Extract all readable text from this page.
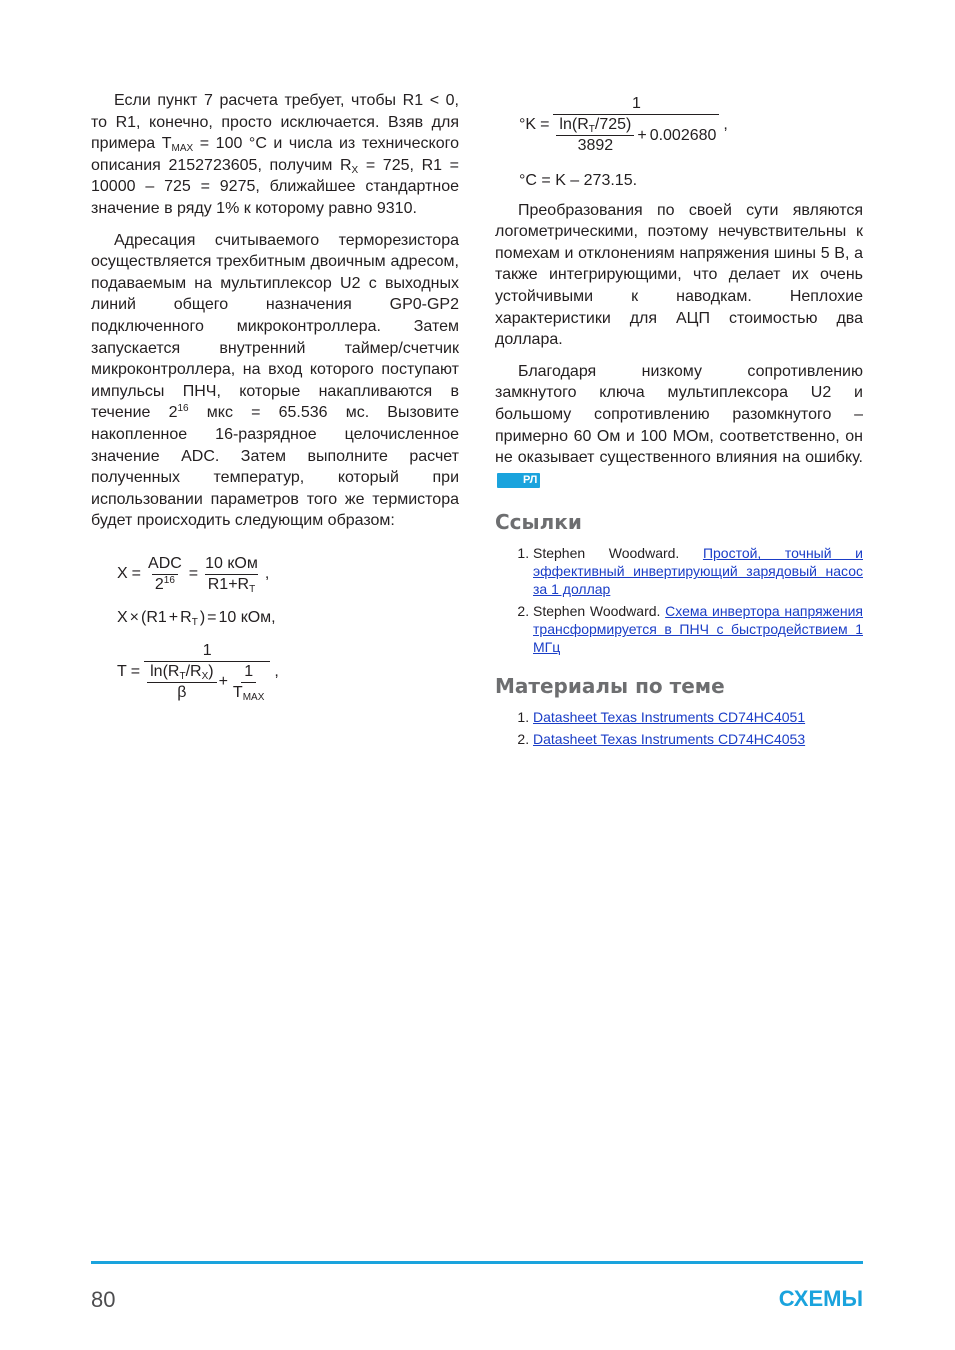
Если пункт 7 расчета требует, чтобы R1 < 0, то R1, конечно, просто исключается. Взяв для примера $T_{MAX} = 100$ °C и числа из технического описания 2152723605, получим $R_X = 725$, R1 = 10000 – 725 = 9275, ближайшее стандартное значение в ряду 1% к которому равно 9310.

Адресация считываемого терморезистора осуществляется трехбитным двоичным адресом, подаваемым на мультиплексор U2 с выходных линий общего назначения GP0-GP2 подключенного микроконтроллера. Затем запускается внутренний таймер/счетчик микроконтроллера, на вход которого поступают импульсы ПНЧ, которые накапливаются в течение $2^{16}$ мкс = 65.536 мс. Вызовите накопленное 16-разрядное целочисленное значение ADC. Затем выполните расчет полученных температур, который при использовании параметров того же термистора будет происходить следующим образом:

$X = \frac{\text{ADC}}{2^{16}} = \frac{\text{10 кОм}}{R1+R_T}$ ,
$X \times (R1 + R_T$ ) = 10 кОм,
T =
1
$\frac{\ln(R_T/R_X)}{\beta} + \frac{1}{T_{MAX}}$ ,
°K =
1
$\frac{\ln(R_T/725)}{3892} + 0.002680$
,

°C = K – 273.15.

Преобразования по своей сути являются логометрическими, поэтому нечувствительны к помехам и отклонениям напряжения шины 5 В, а также интегрирующими, что делает их очень устойчивыми к наводкам. Неплохие характеристики для АЦП стоимостью два доллара.

Благодаря низкому сопротивлению замкнутого ключа мультиплексора U2 и большому сопротивлению разомкнутого – примерно 60 Ом и 100 МОм, соответственно, он не оказывает существенного влияния на ошибку.РЛ

Ссылки
1. Stephen Woodward. Простой, точный и эффективный инвертирующий зарядовый насос за 1 доллар
2. Stephen Woodward. Схема инвертора напряжения трансформируется в ПНЧ с быстродействием 1 МГц
Материалы по теме
1. Datasheet Texas Instruments CD74HC4051
2. Datasheet Texas Instruments CD74HC4053
80	СХЕМЫ
